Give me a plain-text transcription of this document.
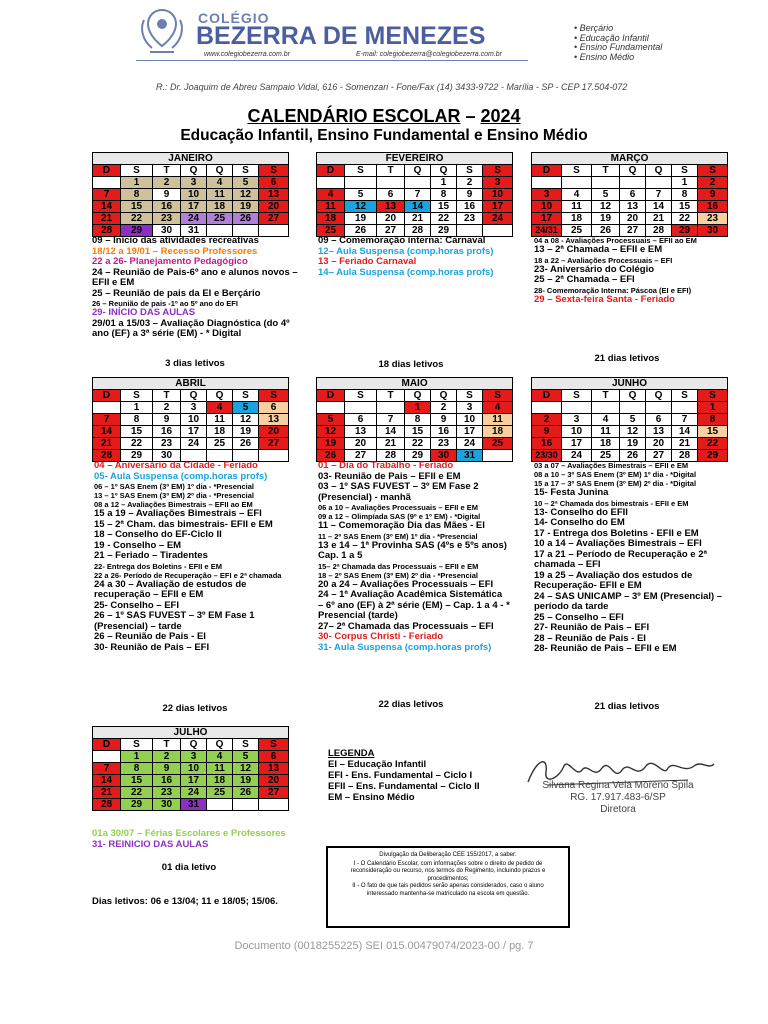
COLÉGIO
BEZERRA DE MENEZES
www.colegiobezerra.com.br	E-mail: colegiobezerra@colegiobezerra.com.br
• Berçário
• Educação Infantil
• Ensino Fundamental
• Ensino Médio
R.: Dr. Joaquim de Abreu Sampaio Vidal, 616 - Somenzari - Fone/Fax (14) 3433-9722 - Marília - SP - CEP 17.504-072
CALENDÁRIO ESCOLAR – 2024
Educação Infantil, Ensino Fundamental e Ensino Médio
JANEIRO						
D	S	T	Q	Q	S	S
	1	2	3	4	5	6
7	8	9	10	11	12	13
14	15	16	17	18	19	20
21	22	23	24	25	26	27
28	29	30	31			
FEVEREIRO						
D	S	T	Q	Q	S	S
				1	2	3
4	5	6	7	8	9	10
11	12	13	14	15	16	17
18	19	20	21	22	23	24
25	26	27	28	29		
MARÇO						
D	S	T	Q	Q	S	S
					1	2
3	4	5	6	7	8	9
10	11	12	13	14	15	16
17	18	19	20	21	22	23
24/31	25	26	27	28	29	30
ABRIL						
D	S	T	Q	Q	S	S
	1	2	3	4	5	6
7	8	9	10	11	12	13
14	15	16	17	18	19	20
21	22	23	24	25	26	27
28	29	30				
MAIO						
D	S	T	Q	Q	S	S
			1	2	3	4
5	6	7	8	9	10	11
12	13	14	15	16	17	18
19	20	21	22	23	24	25
26	27	28	29	30	31	
JUNHO						
D	S	T	Q	Q	S	S
						1
2	3	4	5	6	7	8
9	10	11	12	13	14	15
16	17	18	19	20	21	22
23/30	24	25	26	27	28	29
JULHO						
D	S	T	Q	Q	S	S
	1	2	3	4	5	6
7	8	9	10	11	12	13
14	15	16	17	18	19	20
21	22	23	24	25	26	27
28	29	30	31			
09 – Início das atividades recreativas
18/12 a 19/01 – Recesso Professores
22 a 26- Planejamento Pedagógico
24 – Reunião de Pais-6º ano e alunos novos – EFII e EM
25 – Reunião de pais da EI e Berçário
26 – Reunião de pais -1º ao 5º ano do EFI
29- INÍCIO DAS AULAS
29/01 a 15/03 – Avaliação Diagnóstica (do 4º ano (EF) a 3ª série (EM) - * Digital
09 – Comemoração interna: Carnaval
12– Aula Suspensa (comp.horas profs)
13 – Feriado Carnaval
14– Aula Suspensa (comp.horas profs)
04 a 08 - Avaliações Processuais – EFII ao EM
13 – 2ª Chamada – EFII e EM
18 a 22 – Avaliações Processuais – EFI
23- Aniversário do Colégio
25 – 2ª Chamada – EFI
28- Comemoração Interna: Páscoa (EI e EFI)
29 – Sexta-feira Santa - Feriado
3 dias letivos	18 dias letivos
21 dias letivos
04 – Aniversário da Cidade - Feriado
05- Aula Suspensa (comp.horas profs)
06 – 1º SAS Enem (3º EM) 1º dia - *Presencial
13 – 1º SAS Enem (3º EM) 2º dia - *Presencial
08 a 12 – Avaliações Bimestrais – EFII ao EM
15 a 19 – Avaliações Bimestrais – EFI
15 – 2ª Cham. das bimestrais- EFII e EM
18 – Conselho do EF-Ciclo II
19 - Conselho – EM
21 – Feriado – Tiradentes
22- Entrega dos Boletins - EFII e EM
22 a 26- Período de Recuperação – EFI e 2ª chamada
24 a 30 – Avaliação de estudos de recuperação – EFII e EM
25- Conselho – EFI
26 – 1º SAS FUVEST – 3º EM Fase 1 (Presencial) – tarde
26 – Reunião de Pais - EI
30- Reunião de Pais – EFI
01 – Dia do Trabalho - Feriado
03- Reunião de Pais – EFII e EM
03 – 1º SAS FUVEST – 3º EM Fase 2 (Presencial) - manhã
06 a 10 – Avaliações Processuais – EFII e EM
09 a 12 – Olimpíada SAS (9º e 1º EM) - *Digital
11 – Comemoração Dia das Mães - EI
11 – 2º SAS Enem (3º EM) 1º dia - *Presencial
13 e 14 – 1ª Provinha SAS (4ºs e 5ºs anos) Cap. 1 a 5
15– 2ª Chamada das Processuais – EFII e EM
18 – 2º SAS Enem (3º EM) 2º dia - *Presencial
20 a 24 – Avaliações Processuais – EFI
24 – 1ª Avaliação Acadêmica Sistemática – 6º ano (EF) à 2ª série (EM) – Cap. 1 a 4 - * Presencial (tarde)
27– 2ª Chamada das Processuais – EFI
30- Corpus Christi - Feriado
31- Aula Suspensa (comp.horas profs)
03 a 07 – Avaliações Bimestrais – EFII e EM
08 a 10 – 3º SAS Enem (3º EM) 1º dia - *Digital
15 a 17 – 3º SAS Enem (3º EM) 2º dia - *Digital
15- Festa Junina
10 – 2ª Chamada dos bimestrais - EFII e EM
13- Conselho do EFII
14- Conselho do EM
17 - Entrega dos Boletins - EFII e EM
10 a 14 – Avaliações Bimestrais – EFI
17 a 21 – Período de Recuperação e 2ª chamada – EFI
19 a 25 – Avaliação dos estudos de Recuperação- EFII e EM
24 – SAS UNICAMP – 3º EM (Presencial) – período da tarde
25 – Conselho – EFI
27- Reunião de Pais – EFI
28 – Reunião de Pais - EI
28- Reunião de Pais – EFII e EM
22 dias letivos	22 dias letivos	21 dias letivos
01a 30/07 – Férias Escolares e Professores
31- REINICIO DAS AULAS
01 dia letivo
Dias letivos: 06 e 13/04; 11 e 18/05; 15/06.
LEGENDA
EI – Educação Infantil
EFI - Ens. Fundamental – Ciclo I
EFII – Ens. Fundamental – Ciclo II
EM – Ensino Médio
Silvana Regina Vela Moreno Spila
RG. 17.917.483-6/SP
Diretora
Divulgação da Deliberação CEE 155/2017, a saber:
I - O Calendário Escolar, com informações sobre o direito de pedido de reconsideração ou recurso, nos termos do Regimento, incluindo prazos e procedimentos;
II - O fato de que tais pedidos serão apenas considerados, caso o aluno interessado mantenha-se matriculado na escola em questão.
Documento (0018255225) SEI 015.00479074/2023-00 / pg. 7
